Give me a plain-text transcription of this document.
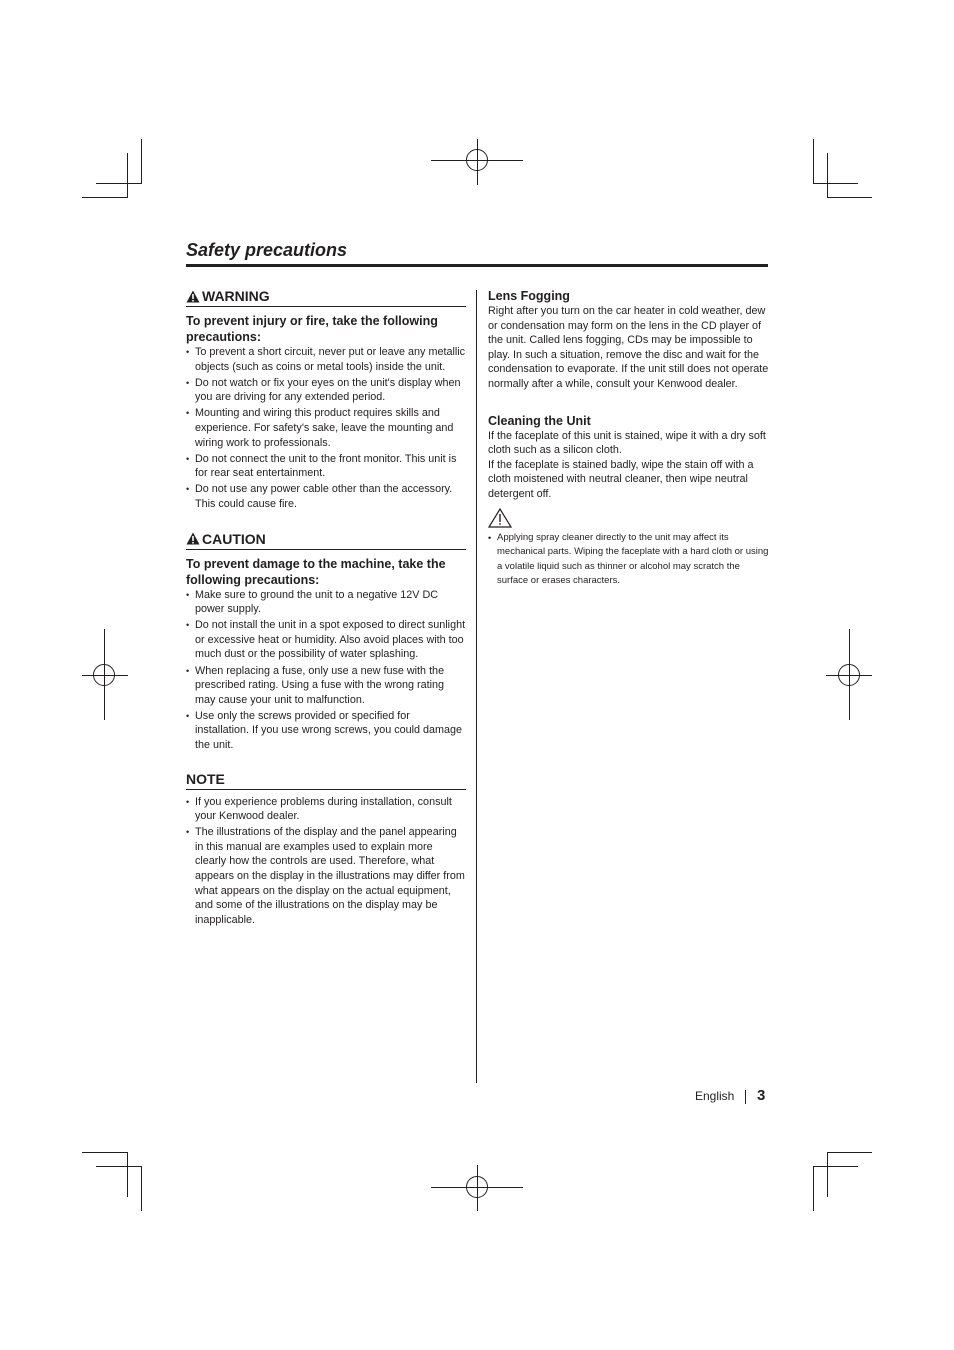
Safety precautions
WARNING

To prevent injury or fire, take the following precautions:

• To prevent a short circuit, never put or leave any metallic objects (such as coins or metal tools) inside the unit.
• Do not watch or fix your eyes on the unit's display when you are driving for any extended period.
• Mounting and wiring this product requires skills and experience. For safety's sake, leave the mounting and wiring work to professionals.
• Do not connect the unit to the front monitor. This unit is for rear seat entertainment.
• Do not use any power cable other than the accessory. This could cause fire.
CAUTION

To prevent damage to the machine, take the following precautions:

• Make sure to ground the unit to a negative 12V DC power supply.
• Do not install the unit in a spot exposed to direct sunlight or excessive heat or humidity. Also avoid places with too much dust or the possibility of water splashing.
• When replacing a fuse, only use a new fuse with the prescribed rating. Using a fuse with the wrong rating may cause your unit to malfunction.
• Use only the screws provided or specified for installation. If you use wrong screws, you could damage the unit.
NOTE
• If you experience problems during installation, consult your Kenwood dealer.
• The illustrations of the display and the panel appearing in this manual are examples used to explain more clearly how the controls are used. Therefore, what appears on the display in the illustrations may differ from what appears on the display on the actual equipment, and some of the illustrations on the display may be inapplicable.

Lens Fogging

Right after you turn on the car heater in cold weather, dew or condensation may form on the lens in the CD player of the unit. Called lens fogging, CDs may be impossible to play. In such a situation, remove the disc and wait for the condensation to evaporate. If the unit still does not operate normally after a while, consult your Kenwood dealer.

Cleaning the Unit

If the faceplate of this unit is stained, wipe it with a dry soft cloth such as a silicon cloth.

If the faceplate is stained badly, wipe the stain off with a cloth moistened with neutral cleaner, then wipe neutral detergent off.

• Applying spray cleaner directly to the unit may affect its mechanical parts. Wiping the faceplate with a hard cloth or using a volatile liquid such as thinner or alcohol may scratch the surface or erases characters.
English 3
